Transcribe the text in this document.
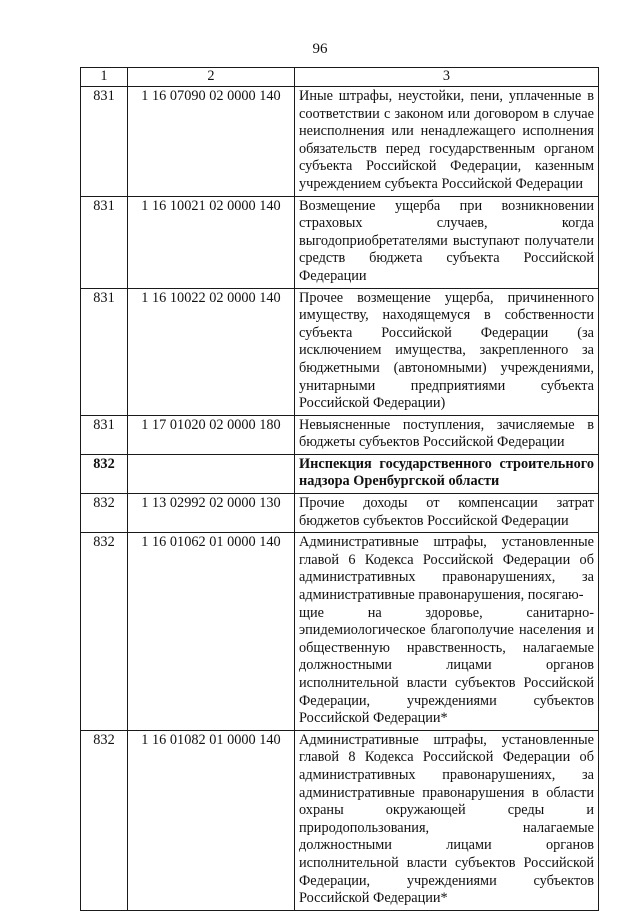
96
1	2	3
831	1 16 07090 02 0000 140	Иные штрафы, неустойки, пени, уплаченные в соответствии с законом или договором в случае неисполнения или ненадлежащего исполнения обязательств перед государственным органом субъекта Российской Федерации, казенным учреждением субъекта Российской Федерации
831	1 16 10021 02 0000 140	Возмещение ущерба при возникновении страховых случаев, когда выгодоприобретателями выступают получатели средств бюджета субъекта Российской Федерации
831	1 16 10022 02 0000 140	Прочее возмещение ущерба, причиненного имуществу, находящемуся в собственности субъекта Российской Федерации (за исключением имущества, закрепленного за бюджетными (автономными) учреждениями, унитарными предприятиями субъекта Российской Федерации)
831	1 17 01020 02 0000 180	Невыясненные поступления, зачисляемые в бюджеты субъектов Российской Федерации
832		Инспекция государственного строительного надзора Оренбургской области
832	1 13 02992 02 0000 130	Прочие доходы от компенсации затрат бюджетов субъектов Российской Федерации
832	1 16 01062 01 0000 140	Административные штрафы, установленные главой 6 Кодекса Российской Федерации об административных правонарушениях, за административные правонарушения, посягаю-
щие на здоровье, санитарно-
эпидемиологическое благополучие населения и общественную нравственность, налагаемые должностными лицами органов исполнительной власти субъектов Российской Федерации, учреждениями субъектов Российской Федерации*
832	1 16 01082 01 0000 140	Административные штрафы, установленные главой 8 Кодекса Российской Федерации об административных правонарушениях, за административные правонарушения в области охраны окружающей среды и природопользования, налагаемые должностными лицами органов исполнительной власти субъектов Российской Федерации, учреждениями субъектов Российской Федерации*
